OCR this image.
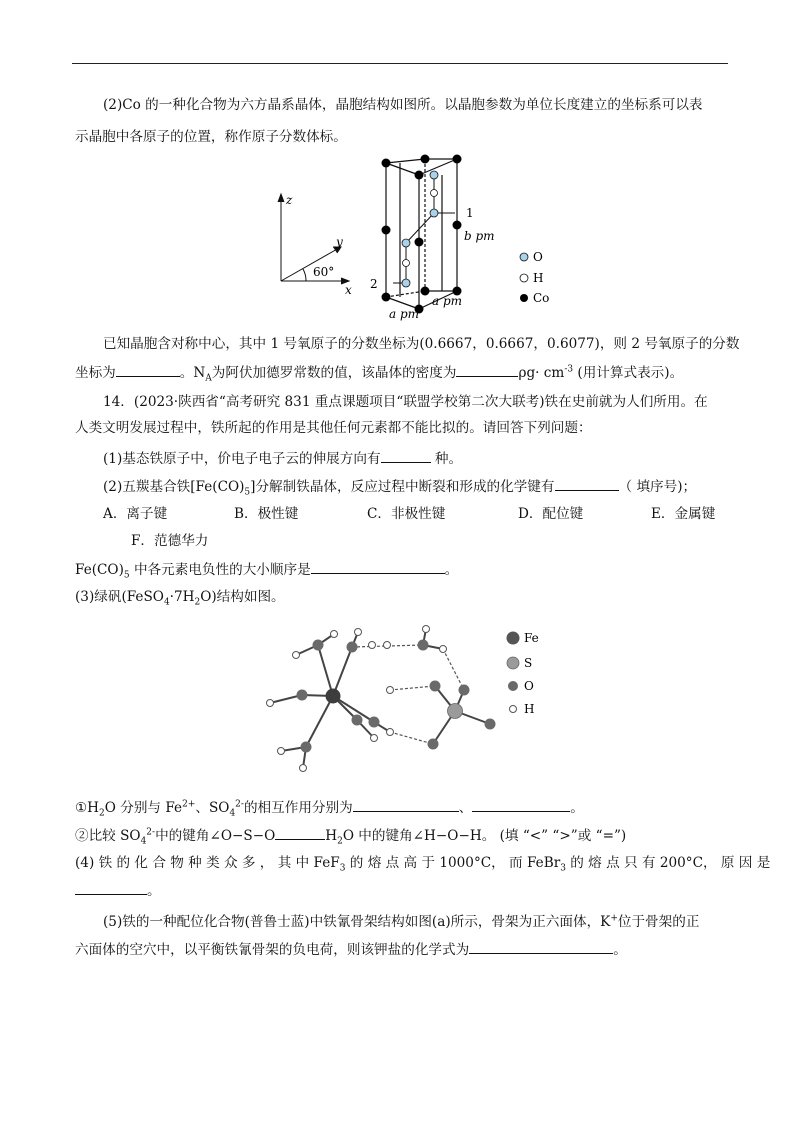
(2)Co 的一种化合物为六方晶系晶体，晶胞结构如图所。以晶胞参数为单位长度建立的坐标系可以表
示晶胞中各原子的位置，称作原子分数体标。
z
y
x
60°
1
2
b pm
a pm
a pm
O
H
Co
已知晶胞含对称中心，其中 1 号氧原子的分数坐标为(0.6667，0.6667，0.6077)，则 2 号氧原子的分数
坐标为	。$N_A$为阿伏加德罗常数的值，该晶体的密度为	$\rho g\cdot cm^{-3}$ (用计算式表示)。
14．(2023·陕西省“高考研究 831 重点课题项目“联盟学校第二次大联考)铁在史前就为人们所用。在
人类文明发展过程中，铁所起的作用是其他任何元素都不能比拟的。请回答下列问题：
(1)基态铁原子中，价电子电子云的伸展方向有	种。
(2)五羰基合铁$[Fe(CO)_5]$分解制铁晶体，反应过程中断裂和形成的化学键有	（ 填序号)；
A．离子键	B．极性键	C．非极性键	D．配位键	E．金属键
F．范德华力
$Fe(CO)_5$ 中各元素电负性的大小顺序是	。
(3)绿矾$(FeSO_4\cdot 7H_2O)$结构如图。
Fe
S
O
H
$①H_2O$ 分别与 $Fe^{2+}$、$SO_4^{2-}$的相互作用分别为	、	。
②比较 $SO_4^{2-}$中的键角∠O−S−O	$H_2O$ 中的键角∠H−O−H。 (填 “<” “>”或 “=”)
(4) 铁 的 化 合 物 种 类 众 多 ， 其 中 FeF$_3$ 的 熔 点 高 于 1000°C， 而 FeBr$_3$ 的 熔 点 只 有 200°C， 原 因 是
。
(5)铁的一种配位化合物(普鲁士蓝)中铁氰骨架结构如图(a)所示，骨架为正六面体，K+位于骨架的正
六面体的空穴中，以平衡铁氰骨架的负电荷，则该钾盐的化学式为	。
